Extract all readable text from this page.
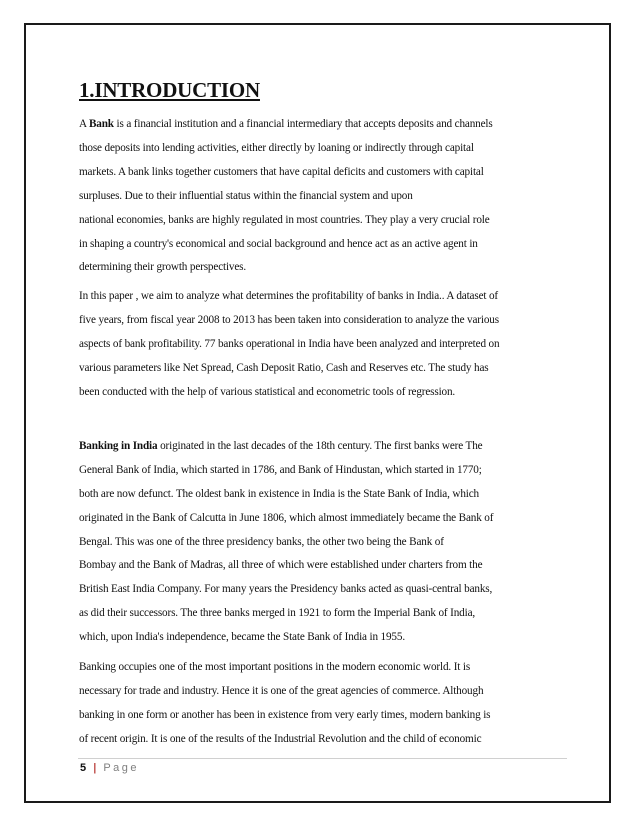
1.INTRODUCTION
A Bank is a financial institution and a financial intermediary that accepts deposits and channels
those deposits into lending activities, either directly by loaning or indirectly through capital
markets. A bank links together customers that have capital deficits and customers with capital
surpluses. Due to their influential status within the financial system and upon
national economies, banks are highly regulated in most countries. They play a very crucial role
in shaping a country's economical and social background and hence act as an active agent in
determining their growth perspectives.
In this paper , we aim to analyze what determines the profitability of banks in India.. A dataset of
five years, from fiscal year 2008 to 2013 has been taken into consideration to analyze the various
aspects of bank profitability. 77 banks operational in India have been analyzed and interpreted on
various parameters like Net Spread, Cash Deposit Ratio, Cash and Reserves etc. The study has
been conducted with the help of various statistical and econometric tools of regression.
Banking in India originated in the last decades of the 18th century. The first banks were The
General Bank of India, which started in 1786, and Bank of Hindustan, which started in 1770;
both are now defunct. The oldest bank in existence in India is the State Bank of India, which
originated in the Bank of Calcutta in June 1806, which almost immediately became the Bank of
Bengal. This was one of the three presidency banks, the other two being the Bank of
Bombay and the Bank of Madras, all three of which were established under charters from the
British East India Company. For many years the Presidency banks acted as quasi-central banks,
as did their successors. The three banks merged in 1921 to form the Imperial Bank of India,
which, upon India's independence, became the State Bank of India in 1955.
Banking occupies one of the most important positions in the modern economic world. It is
necessary for trade and industry. Hence it is one of the great agencies of commerce. Although
banking in one form or another has been in existence from very early times, modern banking is
of recent origin. It is one of the results of the Industrial Revolution and the child of economic
5 | Page
